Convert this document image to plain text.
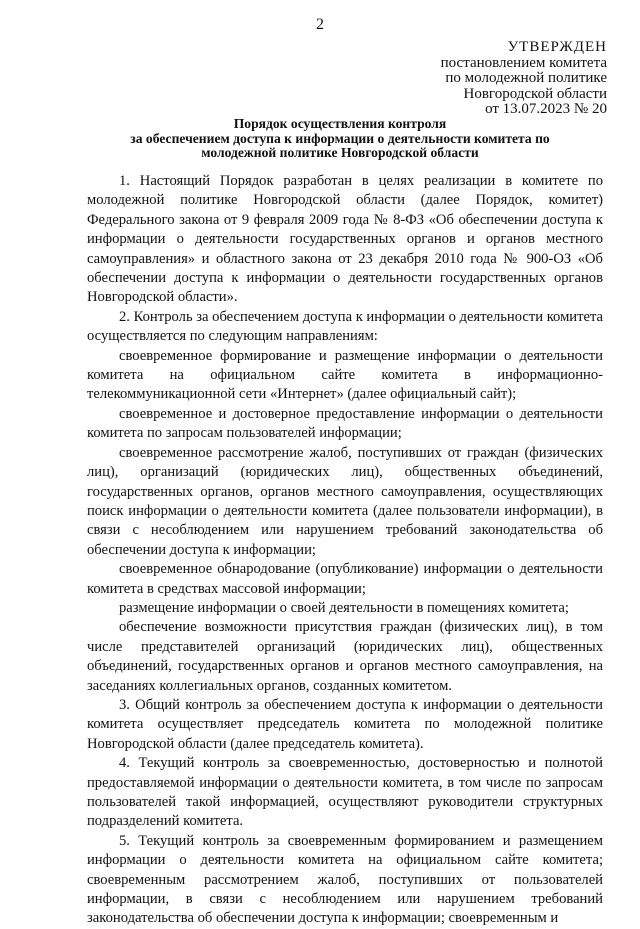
2
УТВЕРЖДЕН
постановлением комитета
по молодежной политике
Новгородской области
от 13.07.2023 № 20
Порядок осуществления контроля
за обеспечением доступа к информации о деятельности комитета по
молодежной политике Новгородской области

1. Настоящий Порядок разработан в целях реализации в комитете по молодежной политике Новгородской области (далее Порядок, комитет) Федерального закона от 9 февраля 2009 года № 8-ФЗ «Об обеспечении доступа к информации о деятельности государственных органов и органов местного самоуправления» и областного закона от 23 декабря 2010 года № 900-ОЗ «Об обеспечении доступа к информации о деятельности государственных органов Новгородской области».

2. Контроль за обеспечением доступа к информации о деятельности комитета осуществляется по следующим направлениям:

своевременное формирование и размещение информации о деятельности комитета на официальном сайте комитета в информационно-телекоммуникационной сети «Интернет» (далее официальный сайт);

своевременное и достоверное предоставление информации о деятельности комитета по запросам пользователей информации;

своевременное рассмотрение жалоб, поступивших от граждан (физических лиц), организаций (юридических лиц), общественных объединений, государственных органов, органов местного самоуправления, осуществляющих поиск информации о деятельности комитета (далее пользователи информации), в связи с несоблюдением или нарушением требований законодательства об обеспечении доступа к информации;

своевременное обнародование (опубликование) информации о деятельности комитета в средствах массовой информации;

размещение информации о своей деятельности в помещениях комитета;

обеспечение возможности присутствия граждан (физических лиц), в том числе представителей организаций (юридических лиц), общественных объединений, государственных органов и органов местного самоуправления, на заседаниях коллегиальных органов, созданных комитетом.

3. Общий контроль за обеспечением доступа к информации о деятельности комитета осуществляет председатель комитета по молодежной политике Новгородской области (далее председатель комитета).

4. Текущий контроль за своевременностью, достоверностью и полнотой предоставляемой информации о деятельности комитета, в том числе по запросам пользователей такой информацией, осуществляют руководители структурных подразделений комитета.

5. Текущий контроль за своевременным формированием и размещением информации о деятельности комитета на официальном сайте комитета; своевременным рассмотрением жалоб, поступивших от пользователей информации, в связи с несоблюдением или нарушением требований законодательства об обеспечении доступа к информации; своевременным и
